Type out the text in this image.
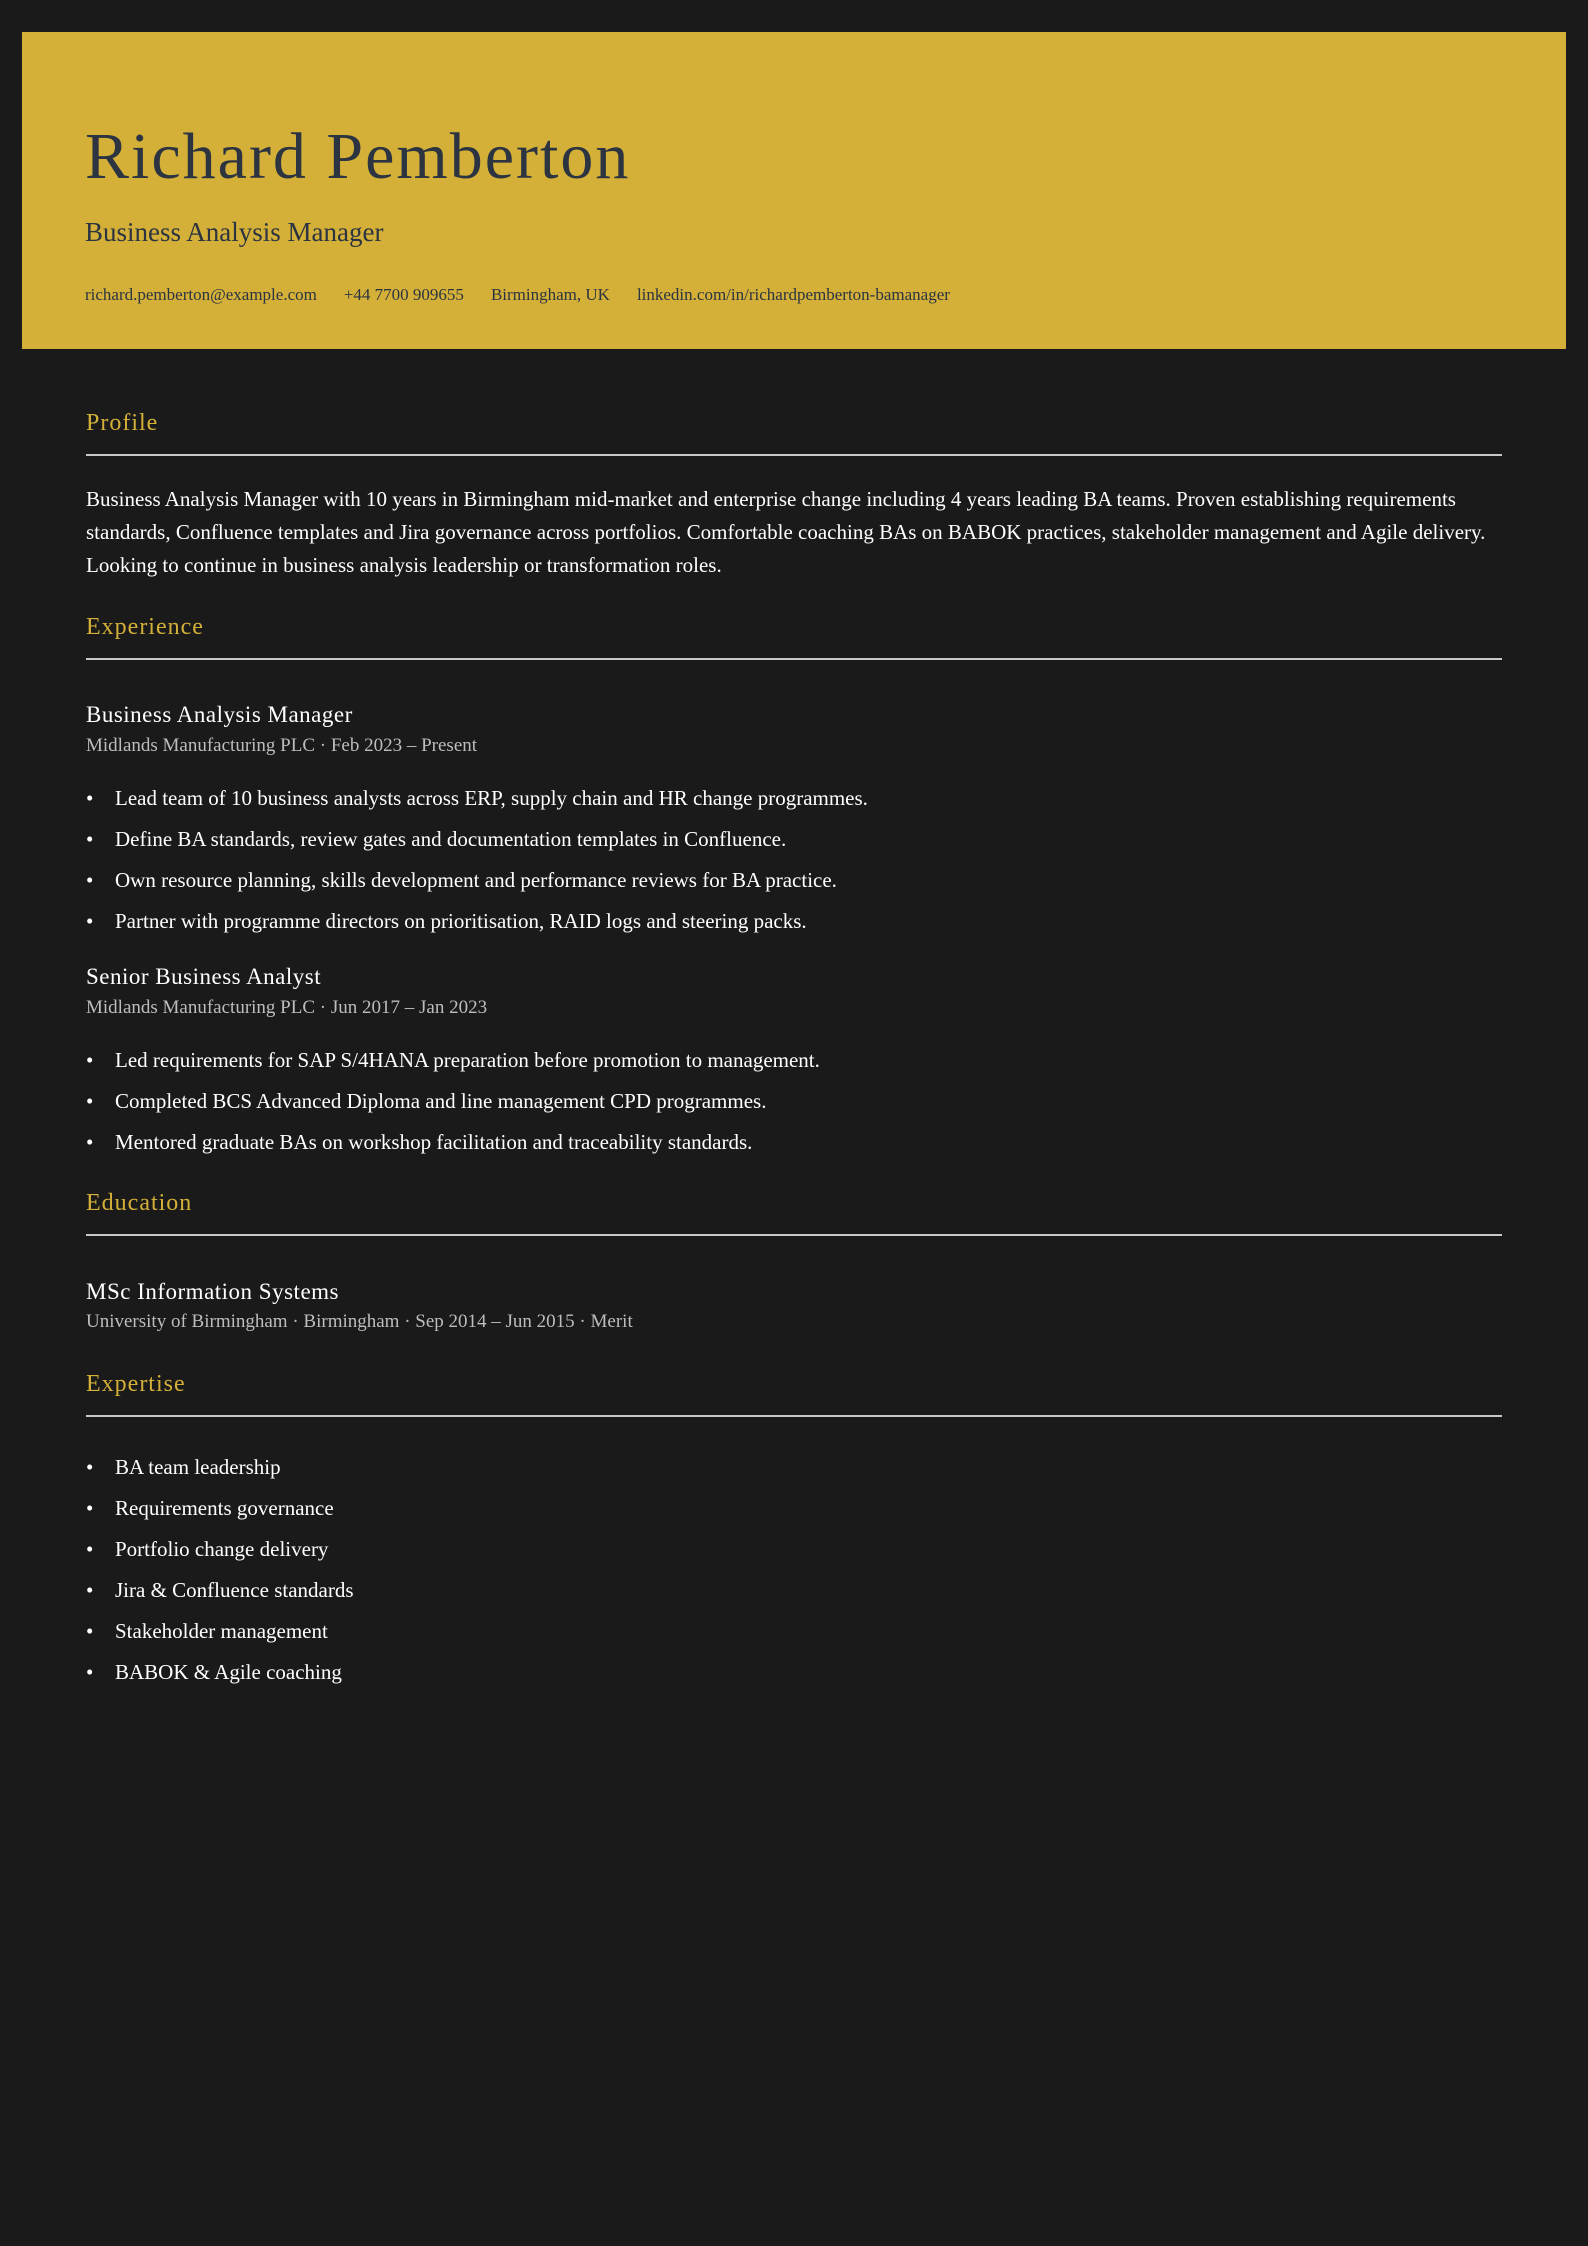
Richard Pemberton
Business Analysis Manager
richard.pemberton@example.com +44 7700 909655 Birmingham, UK linkedin.com/in/richardpemberton-bamanager
Profile

Business Analysis Manager with 10 years in Birmingham mid-market and enterprise change including 4 years leading BA teams. Proven establishing requirements standards, Confluence templates and Jira governance across portfolios. Comfortable coaching BAs on BABOK practices, stakeholder management and Agile delivery. Looking to continue in business analysis leadership or transformation roles.

Experience
Business Analysis Manager
Midlands Manufacturing PLC · Feb 2023 – Present
• Lead team of 10 business analysts across ERP, supply chain and HR change programmes.
• Define BA standards, review gates and documentation templates in Confluence.
• Own resource planning, skills development and performance reviews for BA practice.
• Partner with programme directors on prioritisation, RAID logs and steering packs.
Senior Business Analyst
Midlands Manufacturing PLC · Jun 2017 – Jan 2023
• Led requirements for SAP S/4HANA preparation before promotion to management.
• Completed BCS Advanced Diploma and line management CPD programmes.
• Mentored graduate BAs on workshop facilitation and traceability standards.
Education
MSc Information Systems
University of Birmingham · Birmingham · Sep 2014 – Jun 2015 · Merit
Expertise
• BA team leadership
• Requirements governance
• Portfolio change delivery
• Jira & Confluence standards
• Stakeholder management
• BABOK & Agile coaching
